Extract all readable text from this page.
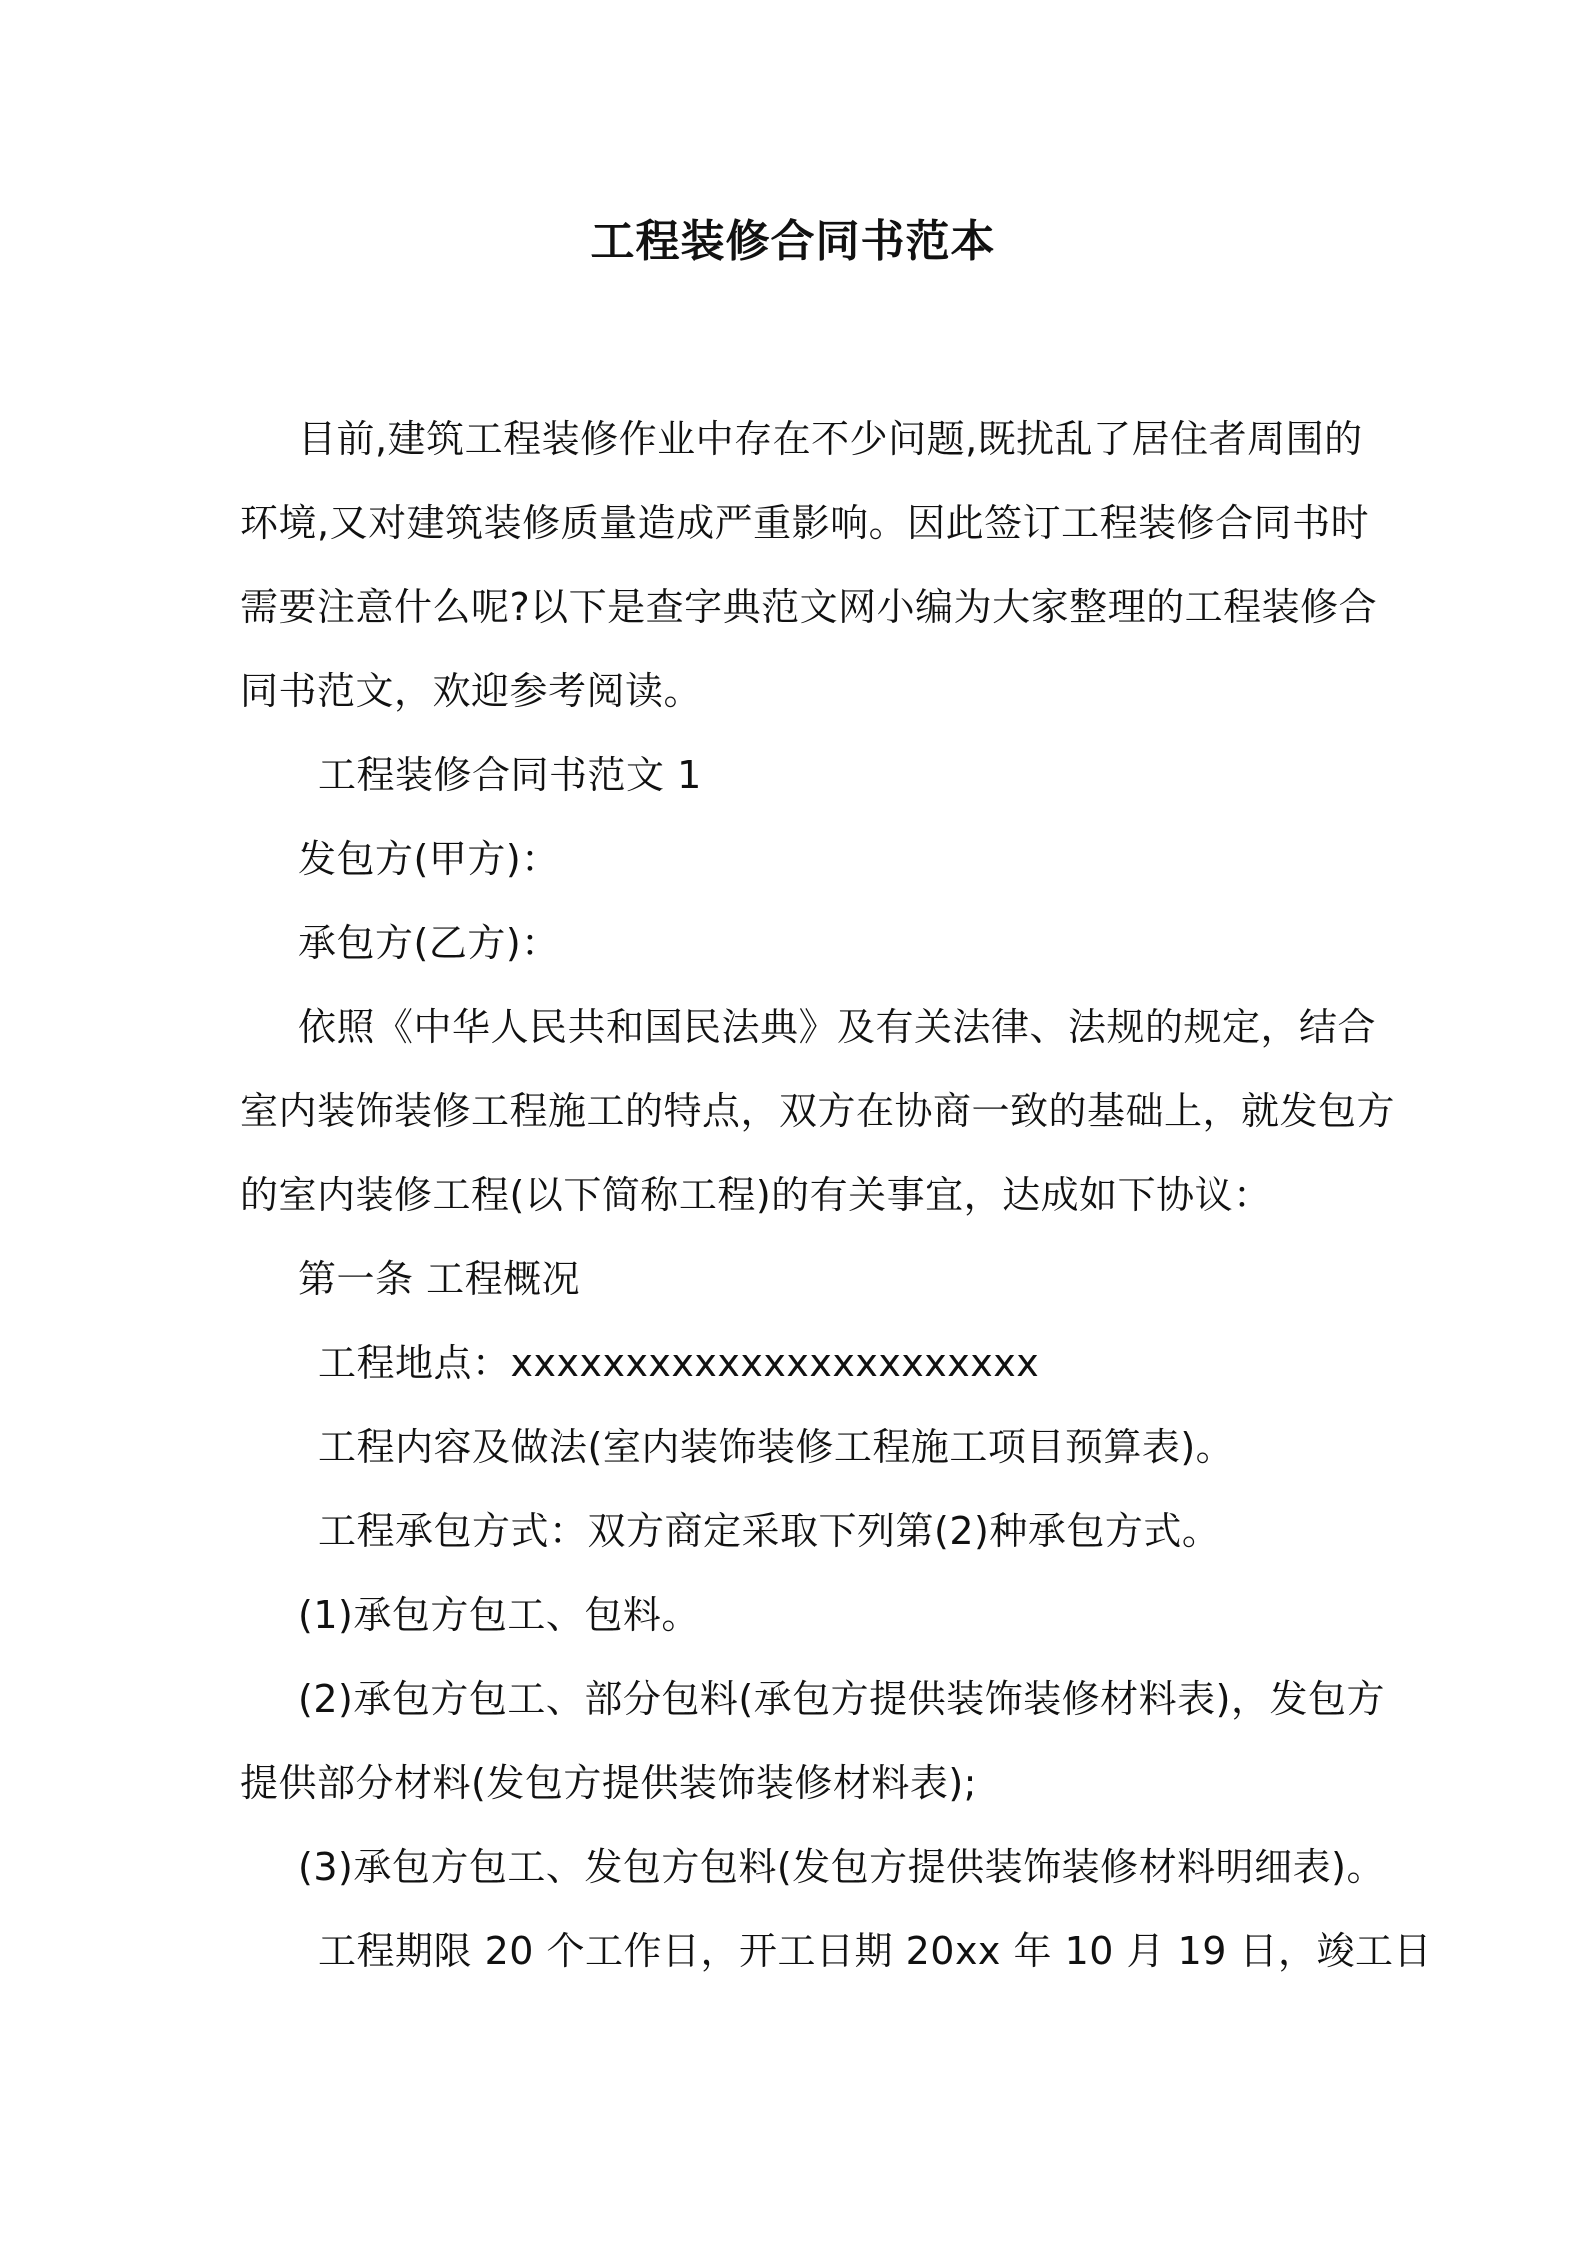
工程装修合同书范本

目前,建筑工程装修作业中存在不少问题,既扰乱了居住者周围的

环境,又对建筑装修质量造成严重影响。因此签订工程装修合同书时

需要注意什么呢?以下是查字典范文网小编为大家整理的工程装修合

同书范文，欢迎参考阅读。

工程装修合同书范文 1

发包方(甲方)：

承包方(乙方)：

依照《中华人民共和国民法典》及有关法律、法规的规定，结合

室内装饰装修工程施工的特点，双方在协商一致的基础上，就发包方

的室内装修工程(以下简称工程)的有关事宜，达成如下协议：

第一条 工程概况

工程地点：xxxxxxxxxxxxxxxxxxxxxxx

工程内容及做法(室内装饰装修工程施工项目预算表)。

工程承包方式：双方商定采取下列第(2)种承包方式。

(1)承包方包工、包料。

(2)承包方包工、部分包料(承包方提供装饰装修材料表)，发包方

提供部分材料(发包方提供装饰装修材料表);

(3)承包方包工、发包方包料(发包方提供装饰装修材料明细表)。

工程期限 20 个工作日，开工日期 20xx 年 10 月 19 日，竣工日
